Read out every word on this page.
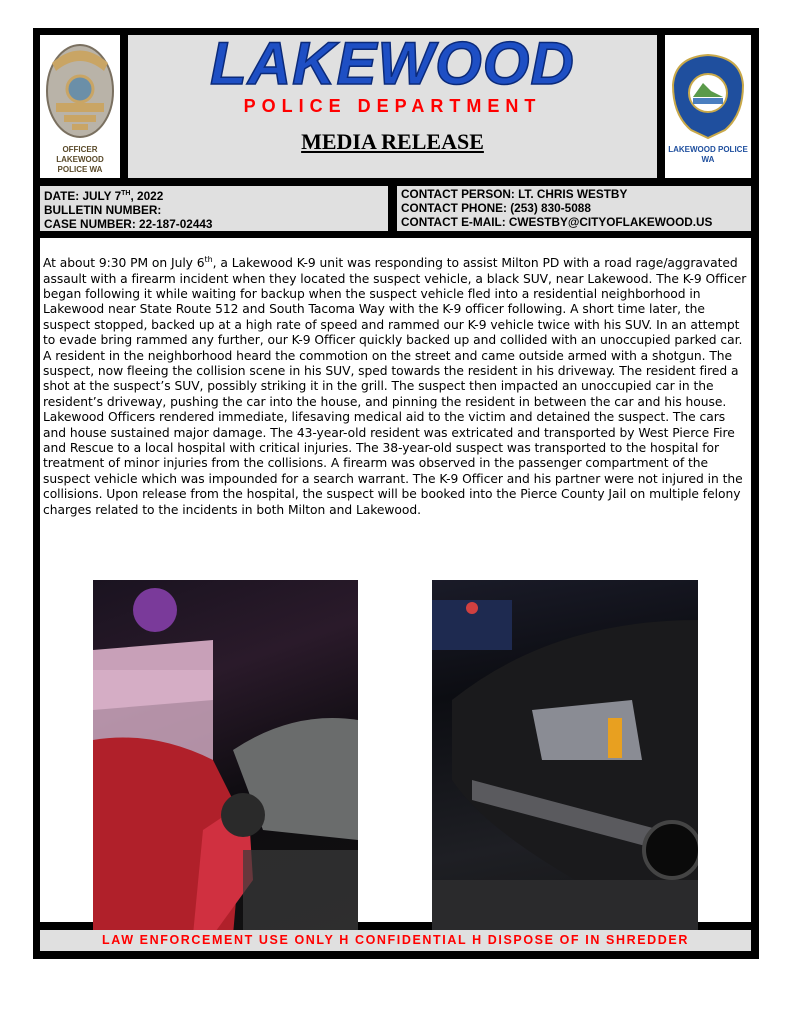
OFFICER LAKEWOOD POLICE WA
LAKEWOOD
POLICE DEPARTMENT
MEDIA RELEASE	LAKEWOOD POLICE WA
DATE: JULY 7TH, 2022
BULLETIN NUMBER:
CASE NUMBER: 22-187-02443
CONTACT PERSON: LT. CHRIS WESTBY
CONTACT PHONE: (253) 830-5088
CONTACT E-MAIL: CWESTBY@CITYOFLAKEWOOD.US

At about 9:30 PM on July 6th, a Lakewood K-9 unit was responding to assist Milton PD with a road rage/aggravated assault with a firearm incident when they located the suspect vehicle, a black SUV, near Lakewood. The K-9 Officer began following it while waiting for backup when the suspect vehicle fled into a residential neighborhood in Lakewood near State Route 512 and South Tacoma Way with the K-9 officer following. A short time later, the suspect stopped, backed up at a high rate of speed and rammed our K-9 vehicle twice with his SUV. In an attempt to evade bring rammed any further, our K-9 Officer quickly backed up and collided with an unoccupied parked car. A resident in the neighborhood heard the commotion on the street and came outside armed with a shotgun. The suspect, now fleeing the collision scene in his SUV, sped towards the resident in his driveway. The resident fired a shot at the suspect’s SUV, possibly striking it in the grill. The suspect then impacted an unoccupied car in the resident’s driveway, pushing the car into the house, and pinning the resident in between the car and his house. Lakewood Officers rendered immediate, lifesaving medical aid to the victim and detained the suspect. The cars and house sustained major damage. The 43-year-old resident was extricated and transported by West Pierce Fire and Rescue to a local hospital with critical injuries. The 38-year-old suspect was transported to the hospital for treatment of minor injuries from the collisions. A firearm was observed in the passenger compartment of the suspect vehicle which was impounded for a search warrant. The K-9 Officer and his partner were not injured in the collisions. Upon release from the hospital, the suspect will be booked into the Pierce County Jail on multiple felony charges related to the incidents in both Milton and Lakewood.

LAW ENFORCEMENT USE ONLY H CONFIDENTIAL H DISPOSE OF IN SHREDDER
